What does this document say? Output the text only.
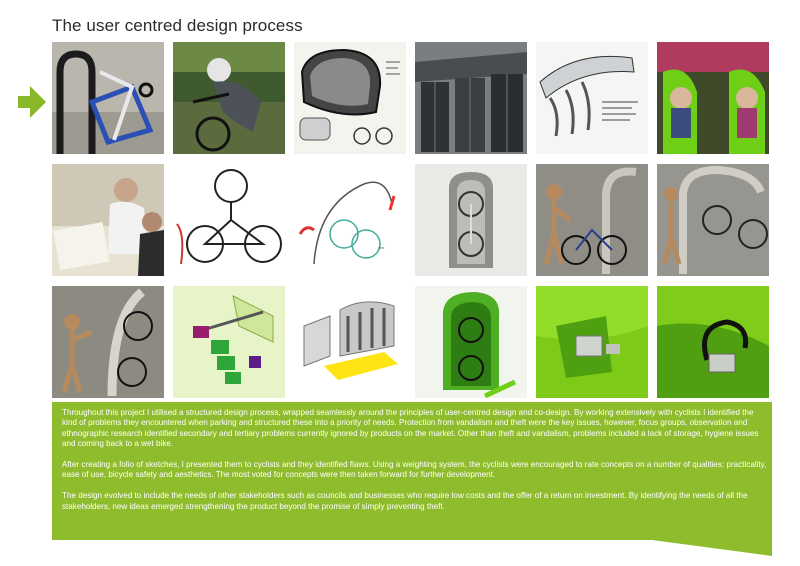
The user centred design process
≈≈

Throughout this project I utilised a structured design process, wrapped seamlessly around the principles of user-centred design and co-design. By working extensively with cyclists I identified the kind of problems they encountered when parking and structured these into a priority of needs. Protection from vandalism and theft were the key issues, however, focus groups, observation and ethnographic research identified secondary and tertiary problems currently ignored by products on the market. Other than theft and vandalism, problems included a lack of storage, hygiene issues and coming back to a wet bike.

After creating a folio of sketches, I presented them to cyclists and they identified flaws. Using a weighting system, the cyclists were encouraged to rate concepts on a number of qualities: practicality, ease of use, bicycle safety and aesthetics. The most voted for concepts were then taken forward for further development.

The design evolved to include the needs of other stakeholders such as councils and businesses who require low costs and the offer of a return on investment. By identifying the needs of all the stakeholders, new ideas emerged strengthening the product beyond the promise of simply preventing theft.
